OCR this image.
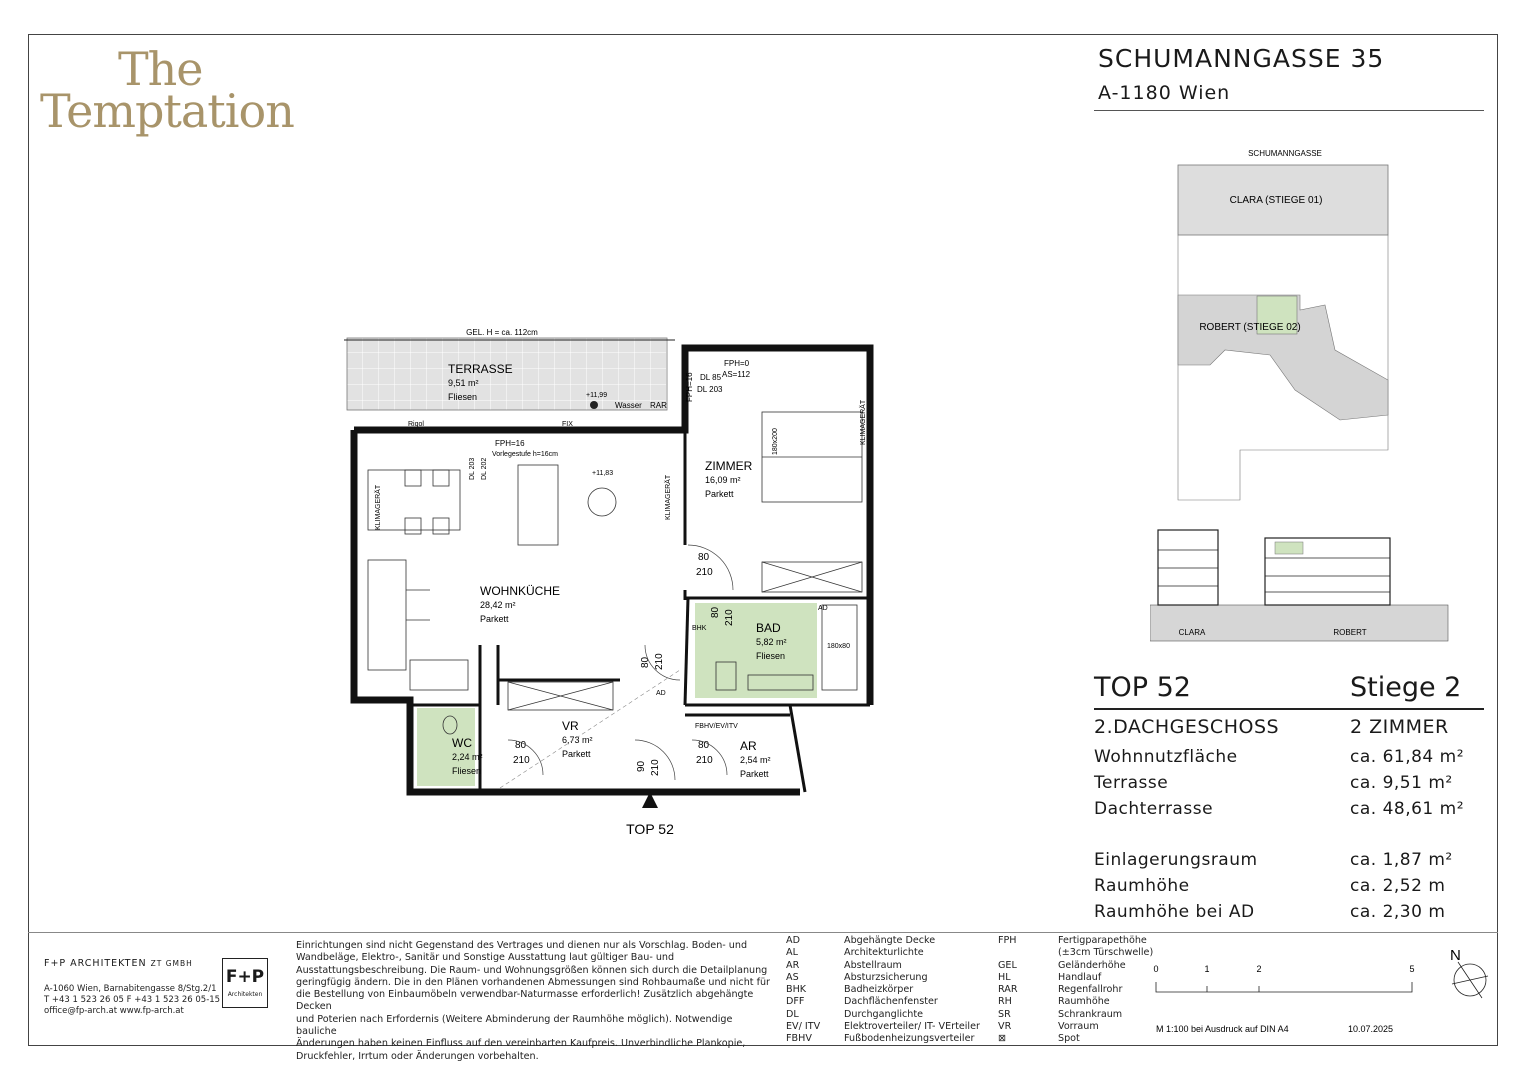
The
Temptation
SCHUMANNGASSE 35
A-1180 Wien
SCHUMANNGASSE
CLARA (STIEGE 01)
ROBERT (STIEGE 02)
CLARA	ROBERT
TOP 52	Stiege 2
2.DACHGESCHOSS	2 ZIMMER
Wohnnutzfläche	ca. 61,84 m²
Terrasse	ca. 9,51 m²
Dachterrasse	ca. 48,61 m²
Einlagerungsraum	ca. 1,87 m²
Raumhöhe	ca. 2,52 m
Raumhöhe bei AD	ca. 2,30 m
GEL. H = ca. 112cm
TERRASSE
9,51 m²
Fliesen	+11,99
Wasser RAR
Rigol	FIX
WOHNKÜCHE
28,42 m²
Parkett
FPH=16
Vorlegestufe h=16cm
+11,83
DL 203 DL 202
KLIMAGERÄT	KLIMAGERÄT
ZIMMER
16,09 m²
Parkett
180x200	KLIMAGERÄT
DL 85
DL 203
FPH=0
AS=112
FPH=16
180x80
BAD
5,82 m²
Fliesen
BHK
WC
2,24 m²
Fliesen
VR
6,73 m²
Parkett
AR
2,54 m²
Parkett
FBHV/EV/ITV
80
210
80
210
80
210
80 210
80 210
90 210
AD
AD
TOP 52
F+P ARCHITEKTEN ZT GMBH
A-1060 Wien, Barnabitengasse 8/Stg.2/1
T +43 1 523 26 05 F +43 1 523 26 05-15
office@fp-arch.at www.fp-arch.at
F+P
Architekten
Einrichtungen sind nicht Gegenstand des Vertrages und dienen nur als Vorschlag. Boden- und
Wandbeläge, Elektro-, Sanitär und Sonstige Ausstattung laut gültiger Bau- und
Ausstattungsbeschreibung. Die Raum- und Wohnungsgrößen können sich durch die Detailplanung
geringfügig ändern. Die in den Plänen vorhandenen Abmessungen sind Rohbaumaße und nicht für
die Bestellung von Einbaumöbeln verwendbar-Naturmasse erforderlich! Zusätzlich abgehängte Decken
und Poterien nach Erfordernis (Weitere Abminderung der Raumhöhe möglich). Notwendige bauliche
Änderungen haben keinen Einfluss auf den vereinbarten Kaufpreis. Unverbindliche Plankopie,
Druckfehler, Irrtum oder Änderungen vorbehalten.
AD	Abgehängte Decke
AL	Architekturlichte
AR	Abstellraum
AS	Absturzsicherung
BHK	Badheizkörper
DFF	Dachflächenfenster
DL	Durchganglichte
EV/ ITV Elektroverteiler/ IT- VErteiler
FBHV	Fußbodenheizungsverteiler
FPH	Fertigparapethöhe
(±3cm Türschwelle)
GEL	Geländerhöhe
HL	Handlauf
RAR	Regenfallrohr
RH	Raumhöhe
SR	Schrankraum
VR	Vorraum
⊠	Spot
0	1	2	5
M 1:100 bei Ausdruck auf DIN A4	10.07.2025
N
